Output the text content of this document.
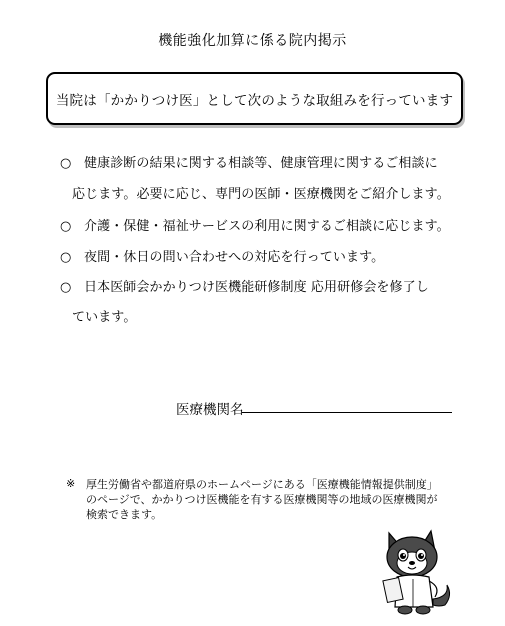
機能強化加算に係る院内掲示
当院は「かかりつけ医」として次のような取組みを行っています
○ 健康診断の結果に関する相談等、健康管理に関するご相談に
応じます。必要に応じ、専門の医師・医療機関をご紹介します。
○ 介護・保健・福祉サービスの利用に関するご相談に応じます。
○ 夜間・休日の問い合わせへの対応を行っています。
○ 日本医師会かかりつけ医機能研修制度 応用研修会を修了し
ています。
医療機関名
※ 厚生労働省や都道府県のホームページにある「医療機能情報提供制度」
のページで、かかりつけ医機能を有する医療機関等の地域の医療機関が
検索できます。
